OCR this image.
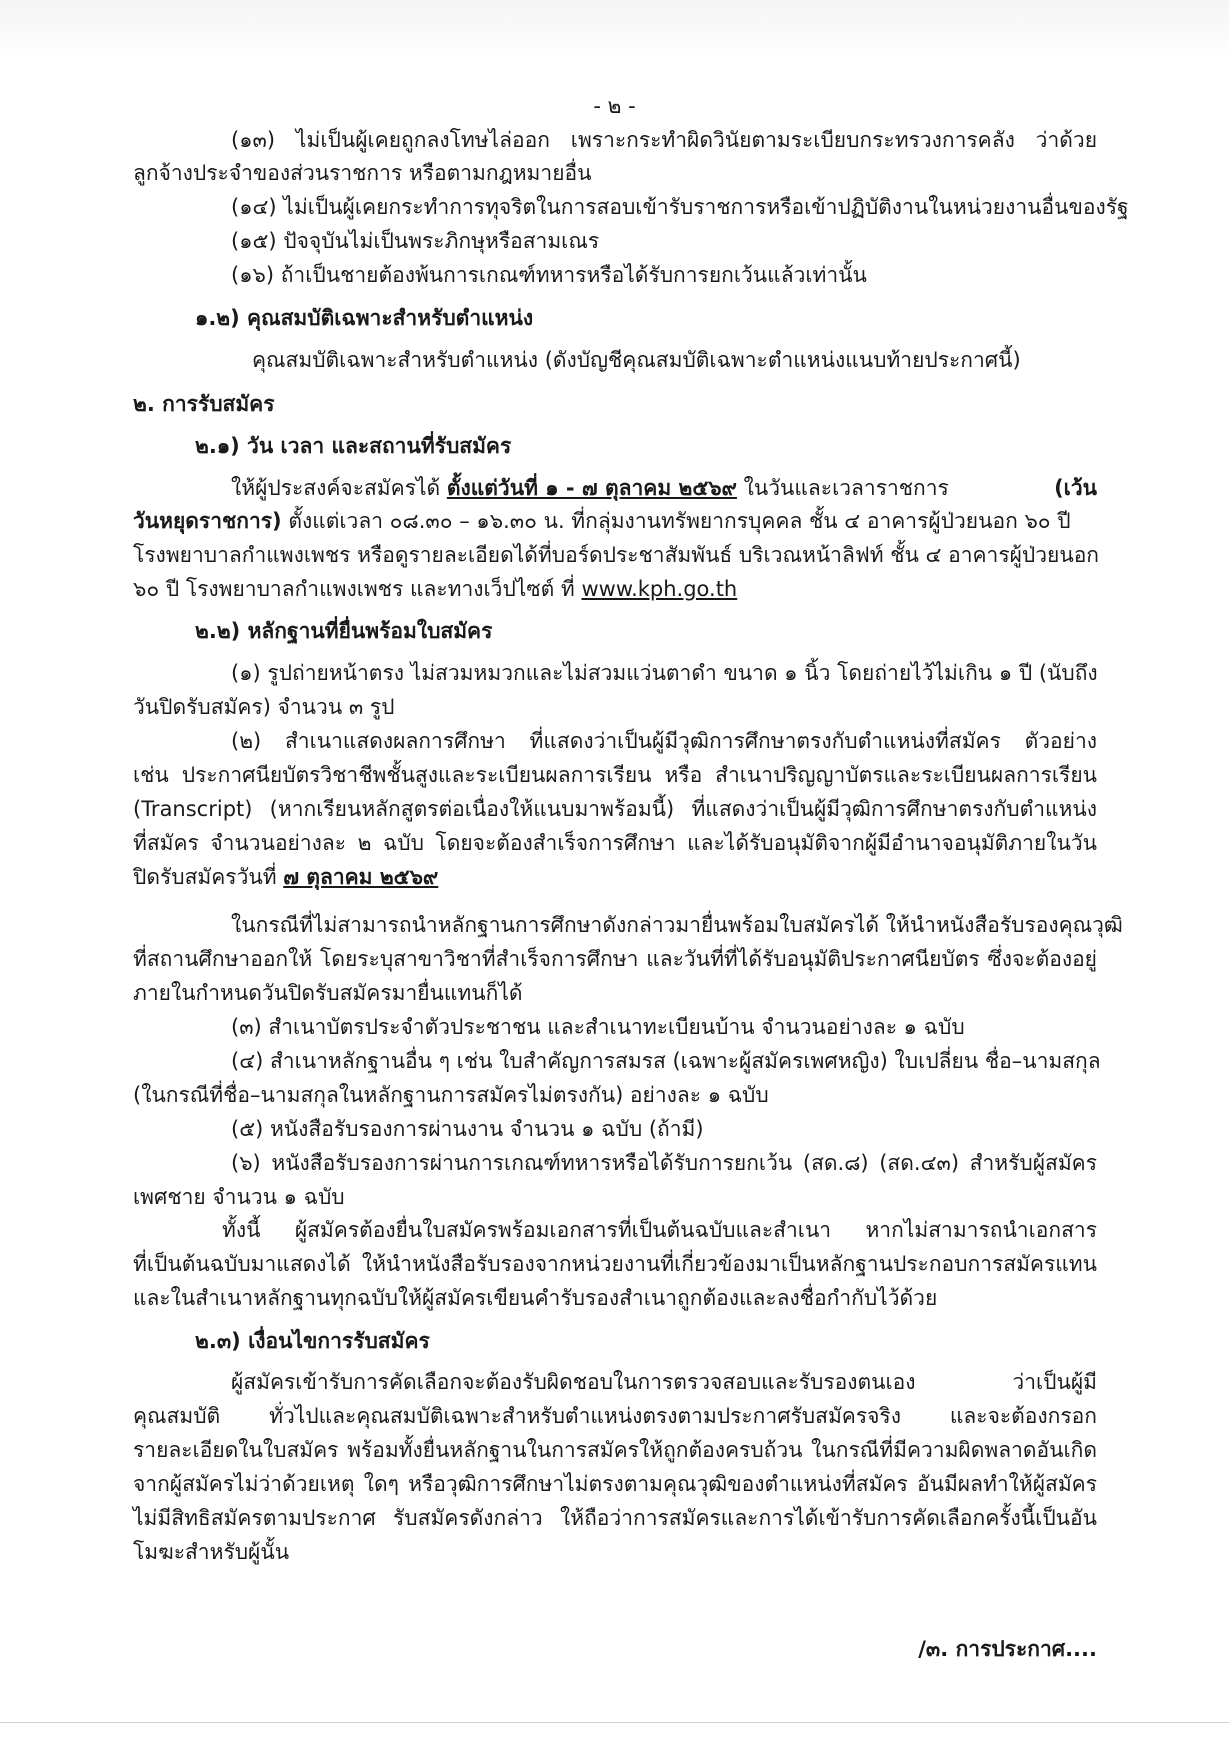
- ๒ -
(๑๓) ไม่เป็นผู้เคยถูกลงโทษไล่ออก เพราะกระทำผิดวินัยตามระเบียบกระทรวงการคลัง ว่าด้วย
ลูกจ้างประจำของส่วนราชการ หรือตามกฎหมายอื่น
(๑๔) ไม่เป็นผู้เคยกระทำการทุจริตในการสอบเข้ารับราชการหรือเข้าปฏิบัติงานในหน่วยงานอื่นของรัฐ
(๑๕) ปัจจุบันไม่เป็นพระภิกษุหรือสามเณร
(๑๖) ถ้าเป็นชายต้องพ้นการเกณฑ์ทหารหรือได้รับการยกเว้นแล้วเท่านั้น
๑.๒) คุณสมบัติเฉพาะสำหรับตำแหน่ง
คุณสมบัติเฉพาะสำหรับตำแหน่ง (ดังบัญชีคุณสมบัติเฉพาะตำแหน่งแนบท้ายประกาศนี้)
๒. การรับสมัคร
๒.๑) วัน เวลา และสถานที่รับสมัคร
ให้ผู้ประสงค์จะสมัครได้ ตั้งแต่วันที่ ๑ - ๗ ตุลาคม ๒๕๖๙ ในวันและเวลาราชการ	(เว้น
วันหยุดราชการ) ตั้งแต่เวลา ๐๘.๓๐ – ๑๖.๓๐ น. ที่กลุ่มงานทรัพยากรบุคคล ชั้น ๔ อาคารผู้ป่วยนอก ๖๐ ปี
โรงพยาบาลกำแพงเพชร หรือดูรายละเอียดได้ที่บอร์ดประชาสัมพันธ์ บริเวณหน้าลิฟท์ ชั้น ๔ อาคารผู้ป่วยนอก
๖๐ ปี โรงพยาบาลกำแพงเพชร และทางเว็ปไซต์ ที่ www.kph.go.th
๒.๒) หลักฐานที่ยื่นพร้อมใบสมัคร
(๑) รูปถ่ายหน้าตรง ไม่สวมหมวกและไม่สวมแว่นตาดำ ขนาด ๑ นิ้ว โดยถ่ายไว้ไม่เกิน ๑ ปี (นับถึง
วันปิดรับสมัคร) จำนวน ๓ รูป
(๒) สำเนาแสดงผลการศึกษา ที่แสดงว่าเป็นผู้มีวุฒิการศึกษาตรงกับตำแหน่งที่สมัคร ตัวอย่าง
เช่น ประกาศนียบัตรวิชาชีพชั้นสูงและระเบียนผลการเรียน หรือ สำเนาปริญญาบัตรและระเบียนผลการเรียน
(Transcript) (หากเรียนหลักสูตรต่อเนื่องให้แนบมาพร้อมนี้) ที่แสดงว่าเป็นผู้มีวุฒิการศึกษาตรงกับตำแหน่ง
ที่สมัคร จำนวนอย่างละ ๒ ฉบับ โดยจะต้องสำเร็จการศึกษา และได้รับอนุมัติจากผู้มีอำนาจอนุมัติภายในวัน
ปิดรับสมัครวันที่ ๗ ตุลาคม ๒๕๖๙
ในกรณีที่ไม่สามารถนำหลักฐานการศึกษาดังกล่าวมายื่นพร้อมใบสมัครได้ ให้นำหนังสือรับรองคุณวุฒิ
ที่สถานศึกษาออกให้ โดยระบุสาขาวิชาที่สำเร็จการศึกษา และวันที่ที่ได้รับอนุมัติประกาศนียบัตร ซึ่งจะต้องอยู่
ภายในกำหนดวันปิดรับสมัครมายื่นแทนก็ได้
(๓) สำเนาบัตรประจำตัวประชาชน และสำเนาทะเบียนบ้าน จำนวนอย่างละ ๑ ฉบับ
(๔) สำเนาหลักฐานอื่น ๆ เช่น ใบสำคัญการสมรส (เฉพาะผู้สมัครเพศหญิง) ใบเปลี่ยน ชื่อ–นามสกุล
(ในกรณีที่ชื่อ–นามสกุลในหลักฐานการสมัครไม่ตรงกัน) อย่างละ ๑ ฉบับ
(๕) หนังสือรับรองการผ่านงาน จำนวน ๑ ฉบับ (ถ้ามี)
(๖) หนังสือรับรองการผ่านการเกณฑ์ทหารหรือได้รับการยกเว้น (สด.๘) (สด.๔๓) สำหรับผู้สมัคร
เพศชาย จำนวน ๑ ฉบับ
ทั้งนี้ ผู้สมัครต้องยื่นใบสมัครพร้อมเอกสารที่เป็นต้นฉบับและสำเนา หากไม่สามารถนำเอกสาร
ที่เป็นต้นฉบับมาแสดงได้ ให้นำหนังสือรับรองจากหน่วยงานที่เกี่ยวข้องมาเป็นหลักฐานประกอบการสมัครแทน
และในสำเนาหลักฐานทุกฉบับให้ผู้สมัครเขียนคำรับรองสำเนาถูกต้องและลงชื่อกำกับไว้ด้วย
๒.๓) เงื่อนไขการรับสมัคร
ผู้สมัครเข้ารับการคัดเลือกจะต้องรับผิดชอบในการตรวจสอบและรับรองตนเอง ว่าเป็นผู้มี
คุณสมบัติ ทั่วไปและคุณสมบัติเฉพาะสำหรับตำแหน่งตรงตามประกาศรับสมัครจริง และจะต้องกรอก
รายละเอียดในใบสมัคร พร้อมทั้งยื่นหลักฐานในการสมัครให้ถูกต้องครบถ้วน ในกรณีที่มีความผิดพลาดอันเกิด
จากผู้สมัครไม่ว่าด้วยเหตุ ใดๆ หรือวุฒิการศึกษาไม่ตรงตามคุณวุฒิของตำแหน่งที่สมัคร อันมีผลทำให้ผู้สมัคร
ไม่มีสิทธิสมัครตามประกาศ รับสมัครดังกล่าว ให้ถือว่าการสมัครและการได้เข้ารับการคัดเลือกครั้งนี้เป็นอัน
โมฆะสำหรับผู้นั้น
/๓. การประกาศ....
